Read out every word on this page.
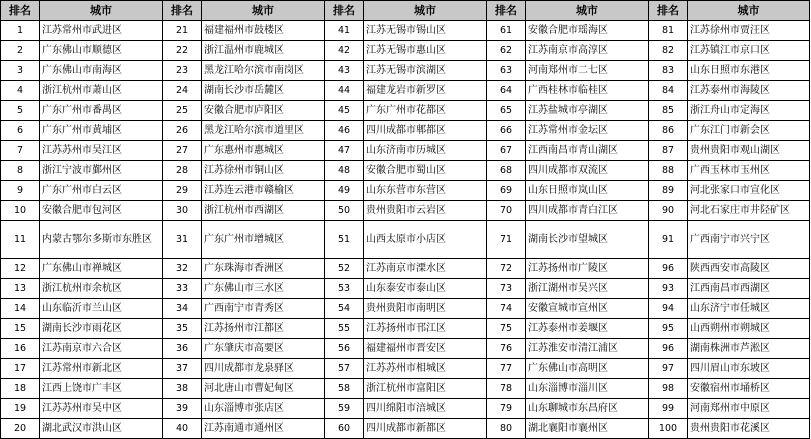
排名	城市	排名	城市	排名	城市	排名	城市	排名	城市
1	江苏常州市武进区	21	福建福州市鼓楼区	41	江苏无锡市锡山区	61	安徽合肥市瑶海区	81	江苏徐州市贾汪区
2	广东佛山市顺德区	22	浙江温州市鹿城区	42	江苏无锡市惠山区	62	江苏南京市高淳区	82	江苏镇江市京口区
3	广东佛山市南海区	23	黑龙江哈尔滨市南岗区	43	江苏无锡市滨湖区	63	河南郑州市二七区	83	山东日照市东港区
4	浙江杭州市萧山区	24	湖南长沙市岳麓区	44	福建龙岩市新罗区	64	广西桂林市临桂区	84	江苏泰州市海陵区
5	广东广州市番禺区	25	安徽合肥市庐阳区	45	广东广州市花都区	65	江苏盐城市亭湖区	85	浙江舟山市定海区
6	广东广州市黄埔区	26	黑龙江哈尔滨市道里区	46	四川成都市郫都区	66	江苏常州市金坛区	86	广东江门市新会区
7	江苏苏州市吴江区	27	广东惠州市惠城区	47	山东济南市历城区	67	江西南昌市青山湖区	87	贵州贵阳市观山湖区
8	浙江宁波市鄞州区	28	江苏徐州市铜山区	48	安徽合肥市蜀山区	68	四川成都市双流区	88	广西玉林市玉州区
9	广东广州市白云区	29	江苏连云港市赣榆区	49	山东东营市东营区	69	山东日照市岚山区	89	河北张家口市宣化区
10	安徽合肥市包河区	30	浙江杭州市西湖区	50	贵州贵阳市云岩区	70	四川成都市青白江区	90	河北石家庄市井陉矿区
11	内蒙古鄂尔多斯市东胜区	31	广东广州市增城区	51	山西太原市小店区	71	湖南长沙市望城区	91	广西南宁市兴宁区
12	广东佛山市禅城区	32	广东珠海市香洲区	52	江苏南京市溧水区	72	江苏扬州市广陵区	96	陕西西安市高陵区
13	浙江杭州市余杭区	33	广东佛山市三水区	53	山东泰安市泰山区	73	浙江湖州市吴兴区	93	江西南昌市西湖区
14	山东临沂市兰山区	34	广西南宁市青秀区	54	贵州贵阳市南明区	74	安徽宣城市宣州区	94	山东济宁市任城区
15	湖南长沙市雨花区	35	江苏扬州市江都区	55	江苏扬州市邗江区	75	江苏泰州市姜堰区	95	山西朔州市朔城区
16	江苏南京市六合区	36	广东肇庆市高要区	56	福建福州市晋安区	76	江苏淮安市清江浦区	96	湖南株洲市芦淞区
17	江苏常州市新北区	37	四川成都市龙泉驿区	57	江苏苏州市相城区	77	广东佛山市高明区	97	四川眉山市东坡区
18	江西上饶市广丰区	38	河北唐山市曹妃甸区	58	浙江杭州市富阳区	78	山东淄博市淄川区	98	安徽宿州市埇桥区
19	江苏苏州市吴中区	39	山东淄博市张店区	59	四川绵阳市涪城区	79	山东聊城市东昌府区	99	河南郑州市中原区
20	湖北武汉市洪山区	40	江苏南通市通州区	60	四川成都市新都区	80	湖北襄阳市襄州区	100	贵州贵阳市花溪区
